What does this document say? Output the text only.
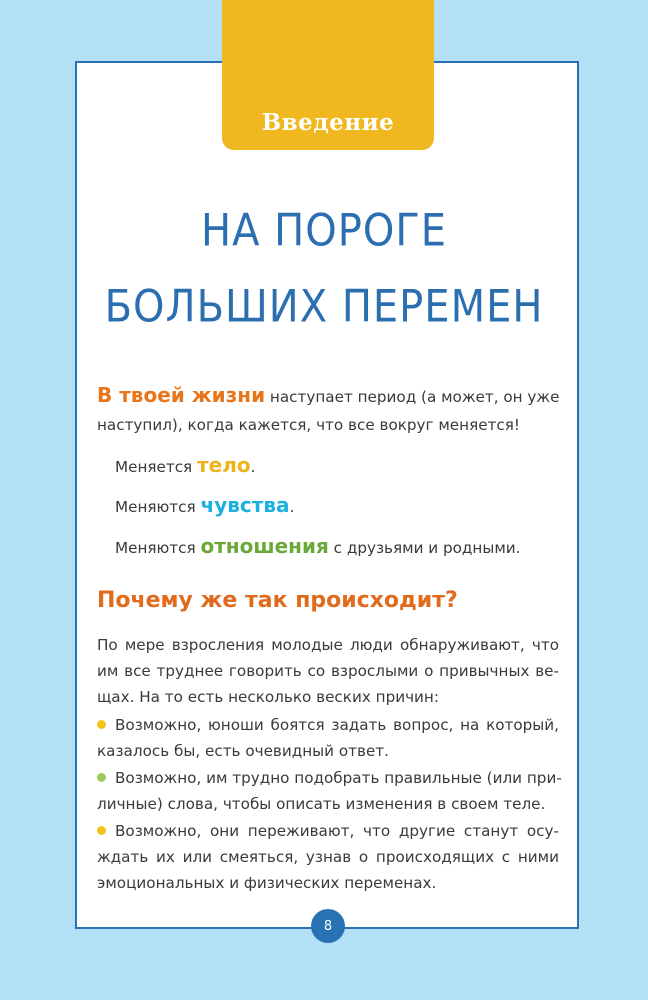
Введение
НА ПОРОГЕ
БОЛЬШИХ ПЕРЕМЕН
В твоей жизни наступает период (а может, он уже
наступил), когда кажется, что все вокруг меняется!
Меняется тело.
Меняются чувства.
Меняются отношения с друзьями и родными.
Почему же так происходит?
По мере взросления молодые люди обнаруживают, что
им все труднее говорить со взрослыми о привычных ве-
щах. На то есть несколько веских причин:
Возможно, юноши боятся задать вопрос, на который,
казалось бы, есть очевидный ответ.
Возможно, им трудно подобрать правильные (или при-
личные) слова, чтобы описать изменения в своем теле.
Возможно, они переживают, что другие станут осу-
ждать их или смеяться, узнав о происходящих с ними
эмоциональных и физических переменах.
8
